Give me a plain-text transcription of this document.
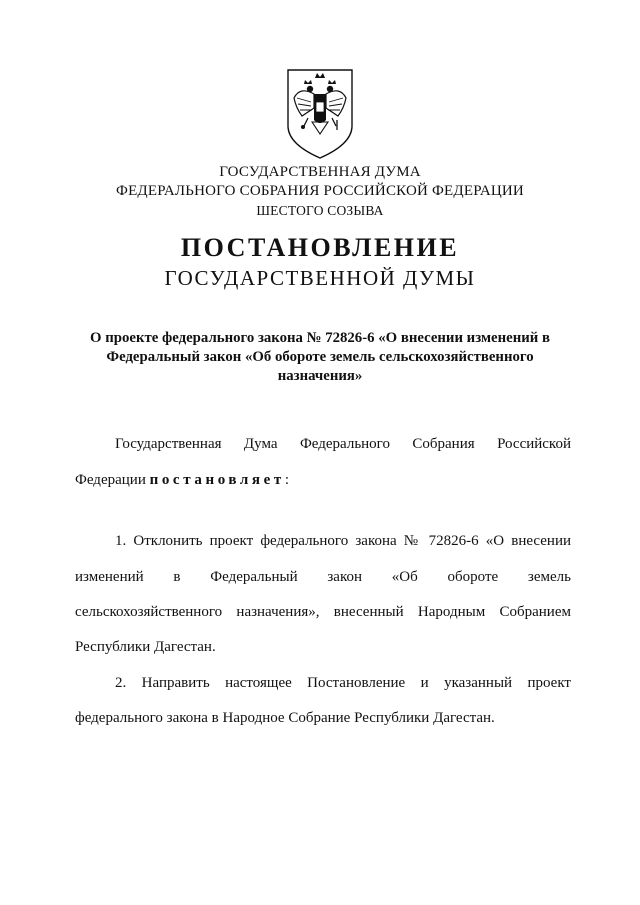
ГОСУДАРСТВЕННАЯ ДУМА
ФЕДЕРАЛЬНОГО СОБРАНИЯ РОССИЙСКОЙ ФЕДЕРАЦИИ
ШЕСТОГО СОЗЫВА
ПОСТАНОВЛЕНИЕ
ГОСУДАРСТВЕННОЙ ДУМЫ
О проекте федерального закона № 72826-6 «О внесении изменений в
Федеральный закон «Об обороте земель сельскохозяйственного
назначения»
Государственная Дума Федерального Собрания Российской
Федерации постановляет:
1. Отклонить проект федерального закона № 72826-6 «О внесении
изменений в Федеральный закон «Об обороте земель
сельскохозяйственного назначения», внесенный Народным Собранием
Республики Дагестан.
2. Направить настоящее Постановление и указанный проект
федерального закона в Народное Собрание Республики Дагестан.
